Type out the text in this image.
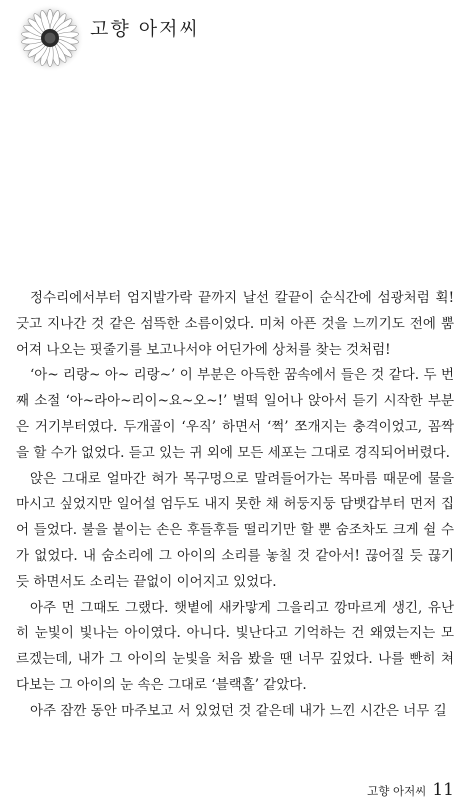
고향 아저씨

정수리에서부터 엄지발가락 끝까지 날선 칼끝이 순식간에 섬광처럼 획! 긋고 지나간 것 같은 섬뜩한 소름이었다. 미처 아픈 것을 느끼기도 전에 뿜어져 나오는 핏줄기를 보고나서야 어딘가에 상처를 찾는 것처럼!

‘아~ 리랑~ 아~ 리랑~’ 이 부분은 아득한 꿈속에서 들은 것 같다. 두 번째 소절 ‘아~라아~리이~요~오~!’ 벌떡 일어나 앉아서 듣기 시작한 부분은 거기부터였다. 두개골이 ‘우직’ 하면서 ‘쩍’ 쪼개지는 충격이었고, 꼼짝을 할 수가 없었다. 듣고 있는 귀 외에 모든 세포는 그대로 경직되어버렸다.

앉은 그대로 얼마간 혀가 목구멍으로 말려들어가는 목마름 때문에 물을 마시고 싶었지만 일어설 엄두도 내지 못한 채 허둥지둥 담뱃갑부터 먼저 집어 들었다. 불을 붙이는 손은 후들후들 떨리기만 할 뿐 숨조차도 크게 쉴 수가 없었다. 내 숨소리에 그 아이의 소리를 놓칠 것 같아서! 끊어질 듯 끊기듯 하면서도 소리는 끝없이 이어지고 있었다.

아주 먼 그때도 그랬다. 햇볕에 새카맣게 그을리고 깡마르게 생긴, 유난히 눈빛이 빛나는 아이였다. 아니다. 빛난다고 기억하는 건 왜였는지는 모르겠는데, 내가 그 아이의 눈빛을 처음 봤을 땐 너무 깊었다. 나를 빤히 쳐다보는 그 아이의 눈 속은 그대로 ‘블랙홀’ 같았다.

아주 잠깐 동안 마주보고 서 있었던 것 같은데 내가 느낀 시간은 너무 길

고향 아저씨 11
